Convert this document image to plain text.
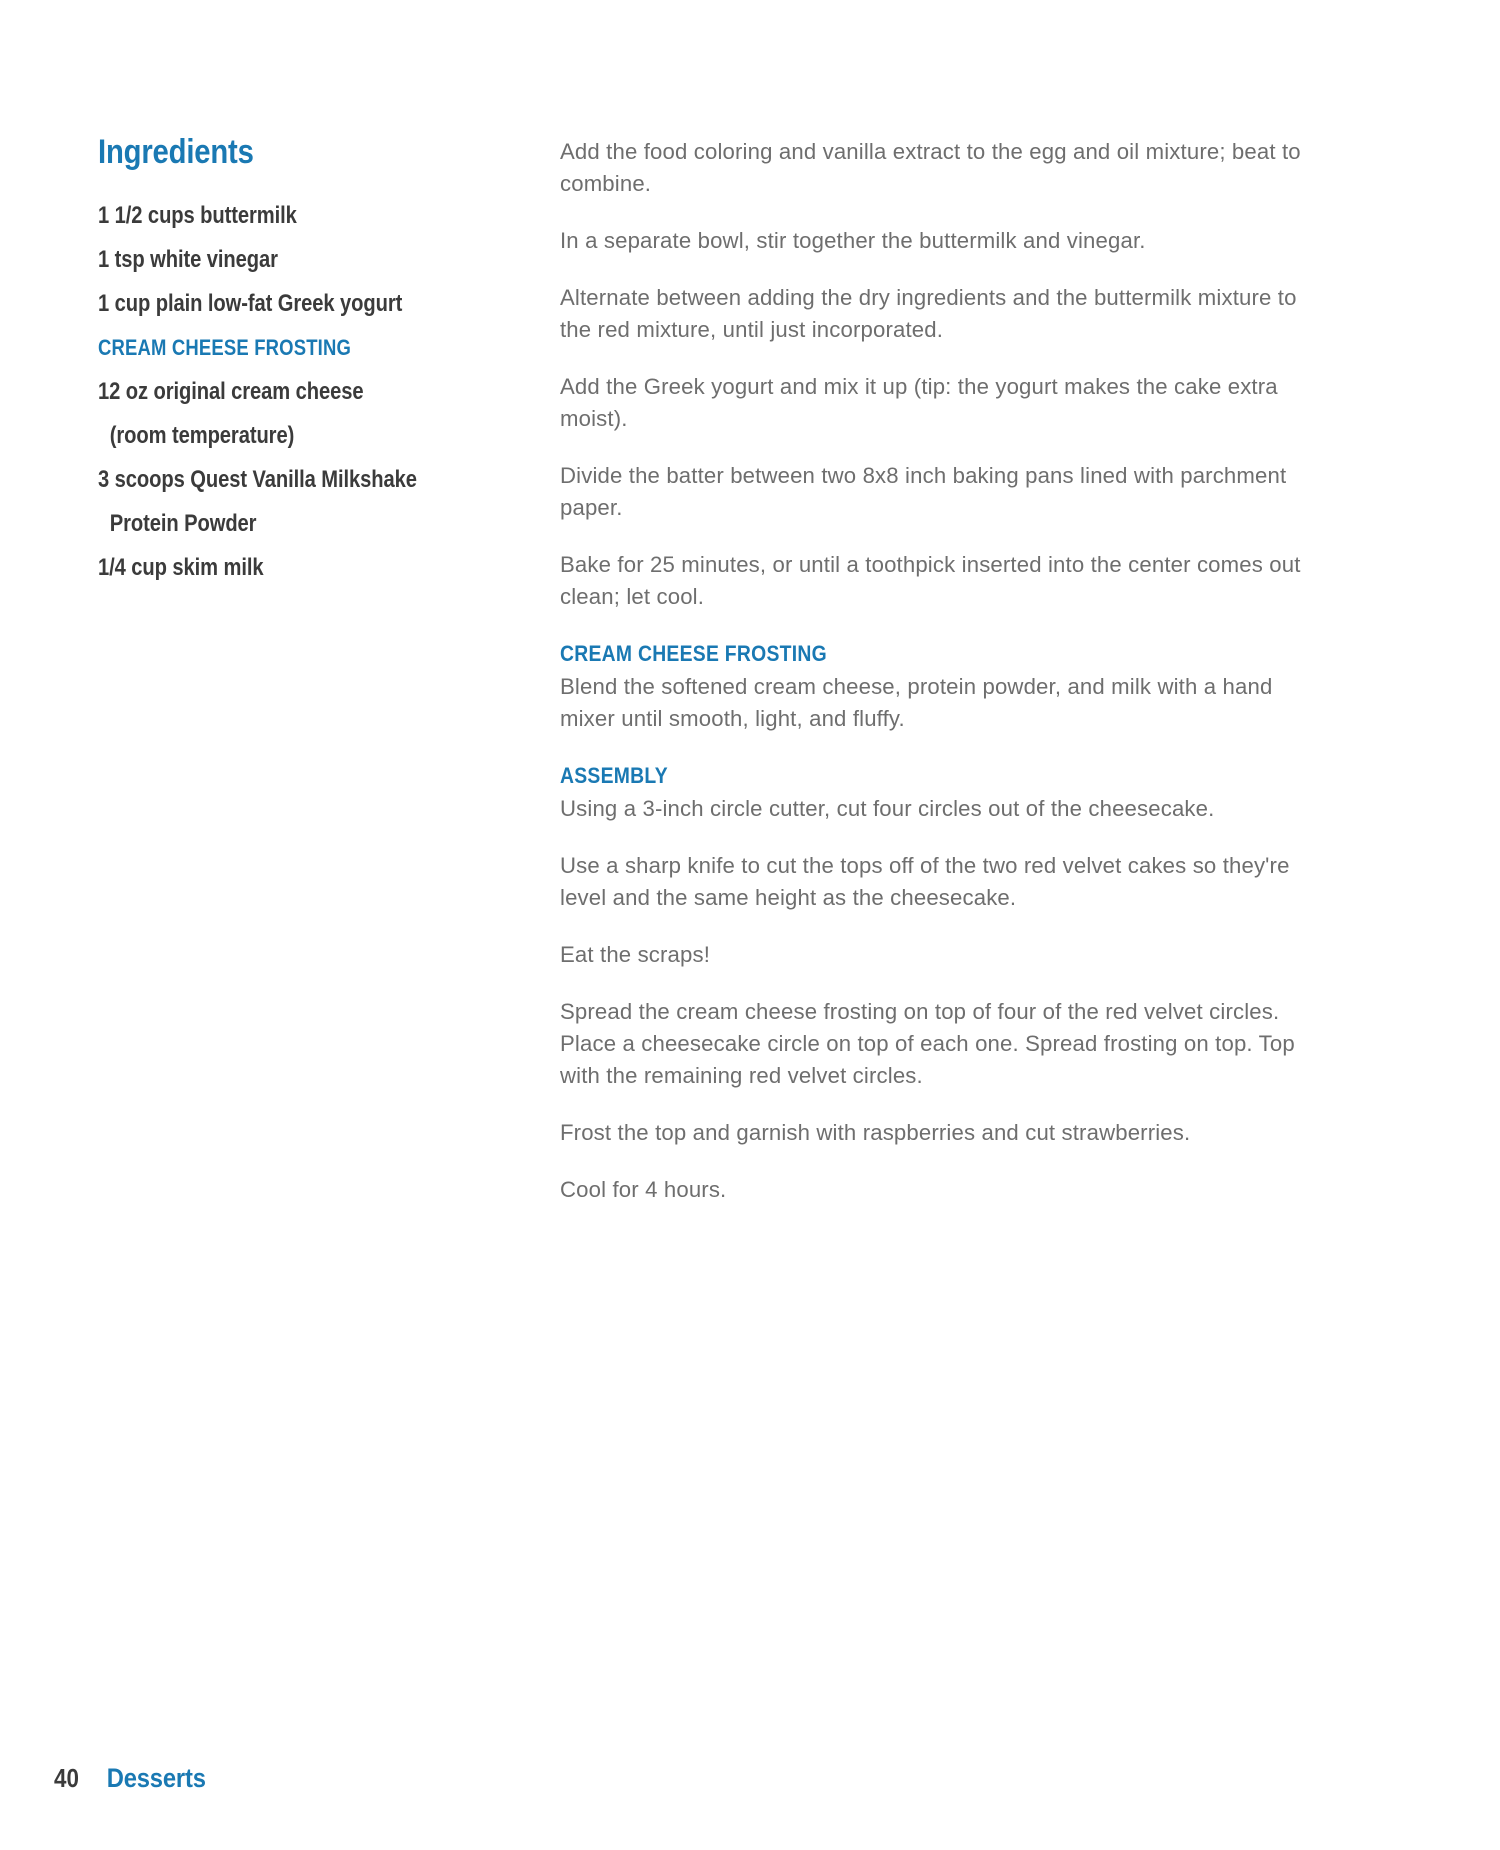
Ingredients
1 1/2 cups buttermilk
1 tsp white vinegar
1 cup plain low-fat Greek yogurt
CREAM CHEESE FROSTING
12 oz original cream cheese
(room temperature)
3 scoops Quest Vanilla Milkshake
Protein Powder
1/4 cup skim milk

Add the food coloring and vanilla extract to the egg and oil mixture; beat to combine.

In a separate bowl, stir together the buttermilk and vinegar.

Alternate between adding the dry ingredients and the buttermilk mixture to the red mixture, until just incorporated.

Add the Greek yogurt and mix it up (tip: the yogurt makes the cake extra moist).

Divide the batter between two 8x8 inch baking pans lined with parchment paper.

Bake for 25 minutes, or until a toothpick inserted into the center comes out clean; let cool.

CREAM CHEESE FROSTING

Blend the softened cream cheese, protein powder, and milk with a hand mixer until smooth, light, and fluffy.

ASSEMBLY

Using a 3-inch circle cutter, cut four circles out of the cheesecake.

Use a sharp knife to cut the tops off of the two red velvet cakes so they're level and the same height as the cheesecake.

Eat the scraps!

Spread the cream cheese frosting on top of four of the red velvet circles. Place a cheesecake circle on top of each one. Spread frosting on top. Top with the remaining red velvet circles.

Frost the top and garnish with raspberries and cut strawberries.

Cool for 4 hours.

40 Desserts
